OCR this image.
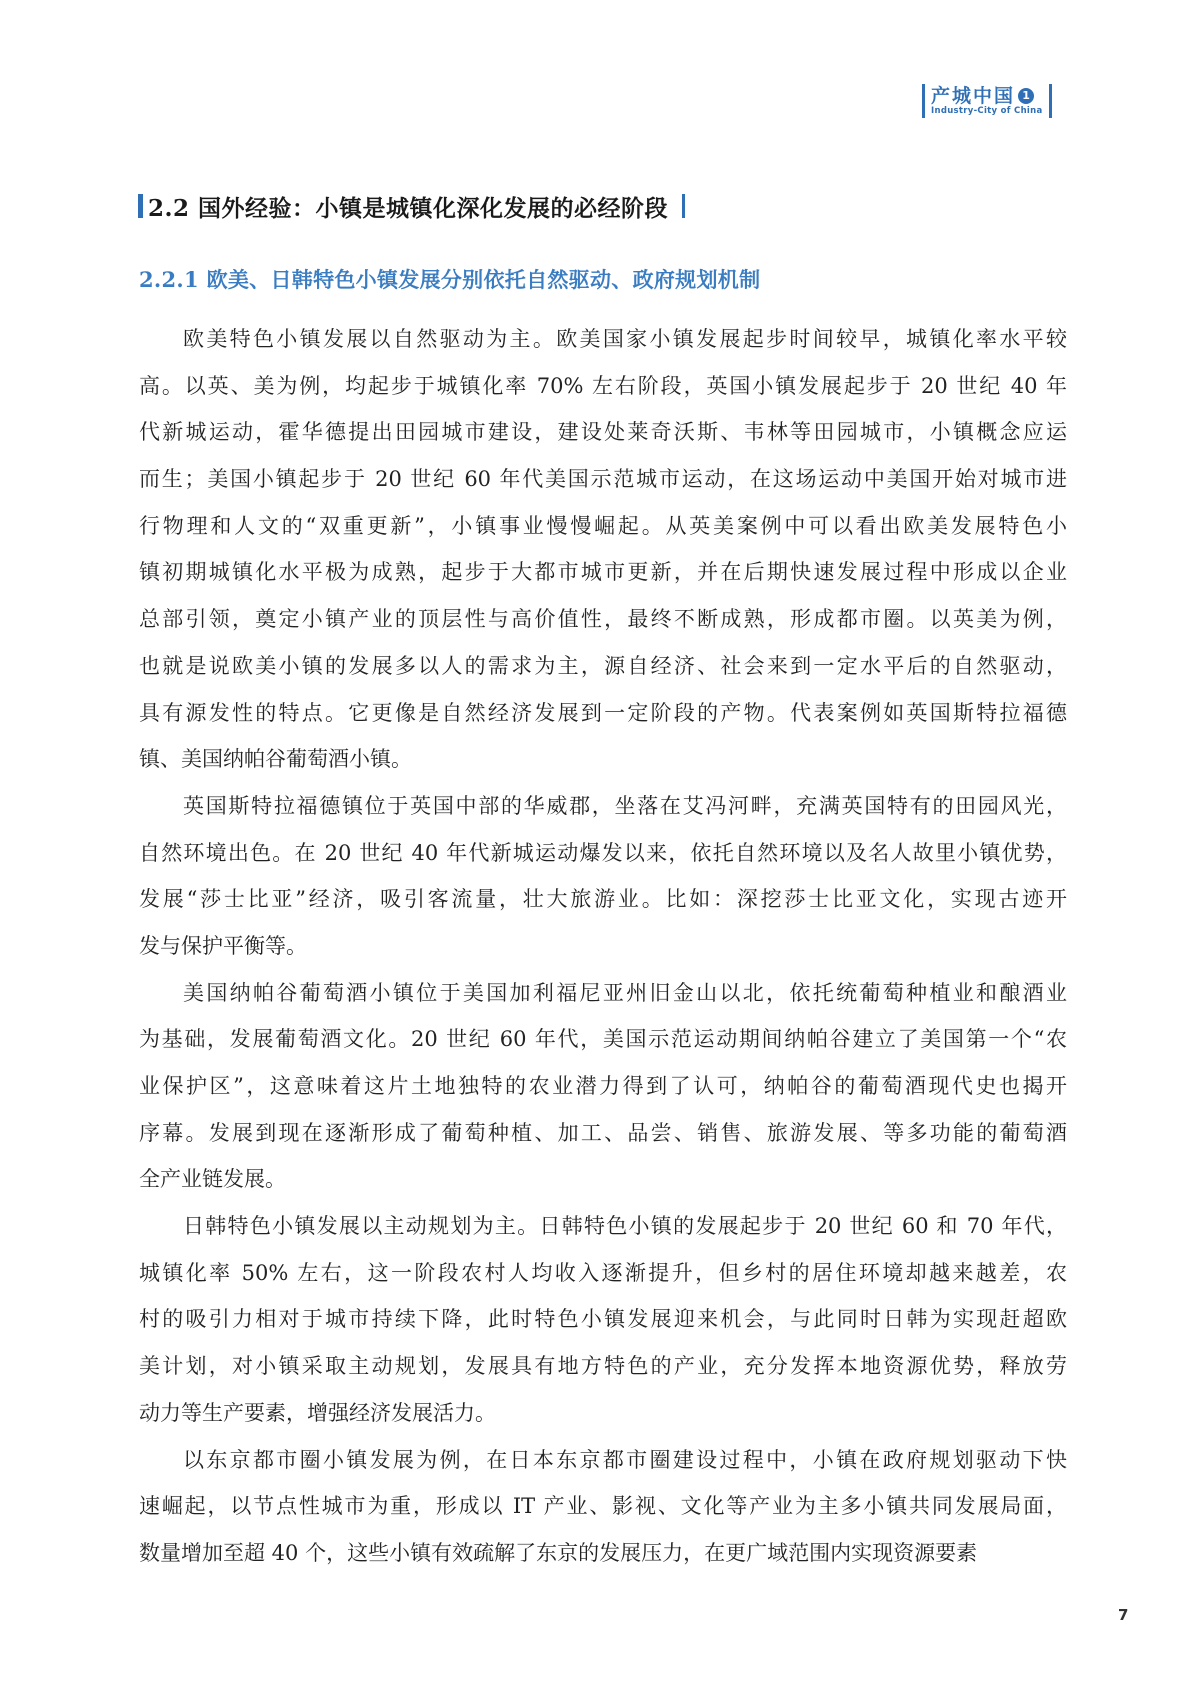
产城中国 1
Industry-City of China
2.2 国外经验：小镇是城镇化深化发展的必经阶段
2.2.1 欧美、日韩特色小镇发展分别依托自然驱动、政府规划机制
欧美特色小镇发展以自然驱动为主。欧美国家小镇发展起步时间较早，城镇化率水平较
高。以英、美为例，均起步于城镇化率 70% 左右阶段，英国小镇发展起步于 20 世纪 40 年
代新城运动，霍华德提出田园城市建设，建设处莱奇沃斯、韦林等田园城市，小镇概念应运
而生；美国小镇起步于 20 世纪 60 年代美国示范城市运动，在这场运动中美国开始对城市进
行物理和人文的“双重更新”，小镇事业慢慢崛起。从英美案例中可以看出欧美发展特色小
镇初期城镇化水平极为成熟，起步于大都市城市更新，并在后期快速发展过程中形成以企业
总部引领，奠定小镇产业的顶层性与高价值性，最终不断成熟，形成都市圈。以英美为例，
也就是说欧美小镇的发展多以人的需求为主，源自经济、社会来到一定水平后的自然驱动，
具有源发性的特点。它更像是自然经济发展到一定阶段的产物。代表案例如英国斯特拉福德
镇、美国纳帕谷葡萄酒小镇。
英国斯特拉福德镇位于英国中部的华威郡，坐落在艾冯河畔，充满英国特有的田园风光，
自然环境出色。在 20 世纪 40 年代新城运动爆发以来，依托自然环境以及名人故里小镇优势，
发展“莎士比亚”经济，吸引客流量，壮大旅游业。比如：深挖莎士比亚文化，实现古迹开
发与保护平衡等。
美国纳帕谷葡萄酒小镇位于美国加利福尼亚州旧金山以北，依托统葡萄种植业和酿酒业
为基础，发展葡萄酒文化。20 世纪 60 年代，美国示范运动期间纳帕谷建立了美国第一个“农
业保护区”，这意味着这片土地独特的农业潜力得到了认可，纳帕谷的葡萄酒现代史也揭开
序幕。发展到现在逐渐形成了葡萄种植、加工、品尝、销售、旅游发展、等多功能的葡萄酒
全产业链发展。
日韩特色小镇发展以主动规划为主。日韩特色小镇的发展起步于 20 世纪 60 和 70 年代，
城镇化率 50% 左右，这一阶段农村人均收入逐渐提升，但乡村的居住环境却越来越差，农
村的吸引力相对于城市持续下降，此时特色小镇发展迎来机会，与此同时日韩为实现赶超欧
美计划，对小镇采取主动规划，发展具有地方特色的产业，充分发挥本地资源优势，释放劳
动力等生产要素，增强经济发展活力。
以东京都市圈小镇发展为例，在日本东京都市圈建设过程中，小镇在政府规划驱动下快
速崛起，以节点性城市为重，形成以 IT 产业、影视、文化等产业为主多小镇共同发展局面，
数量增加至超 40 个，这些小镇有效疏解了东京的发展压力，在更广域范围内实现资源要素
7
